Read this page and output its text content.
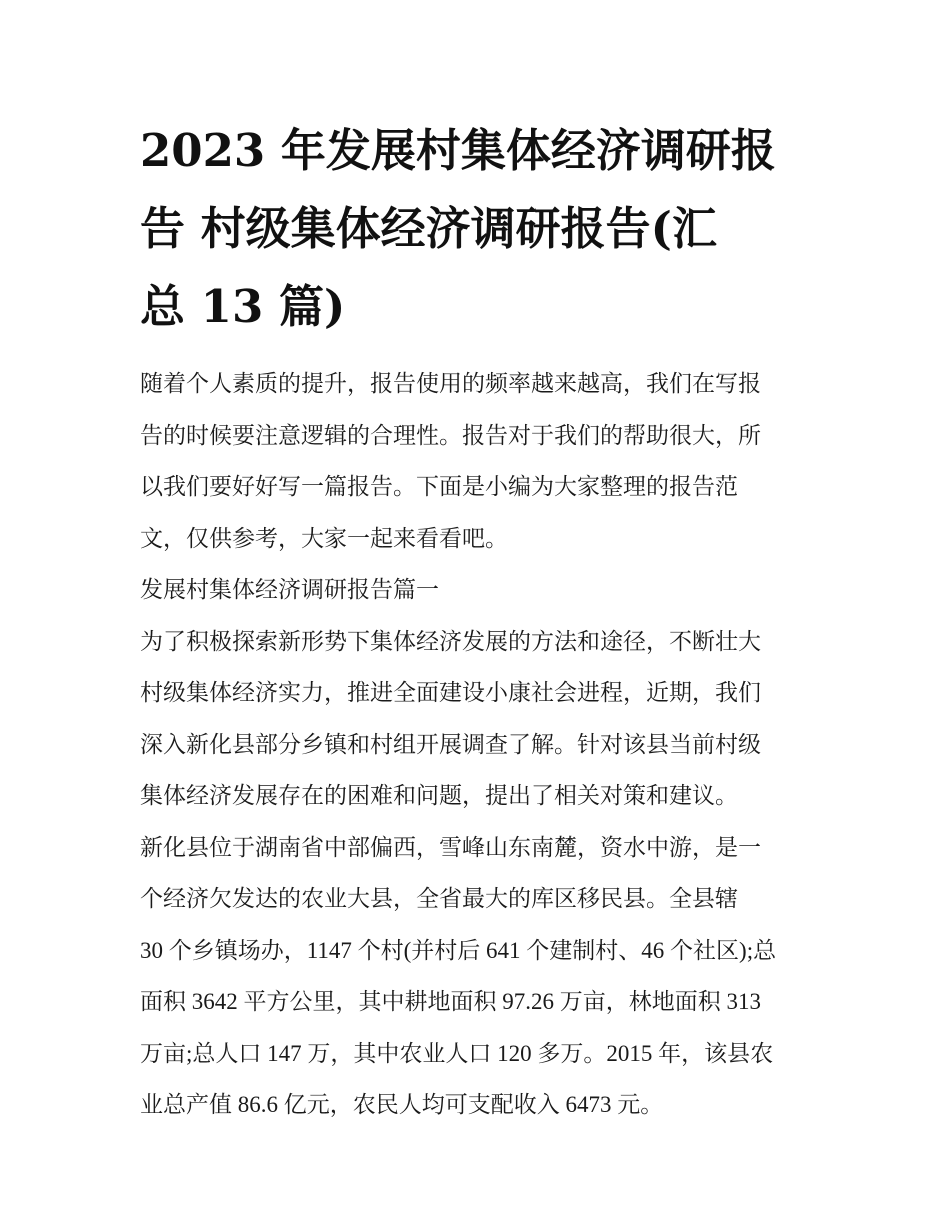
2023 年发展村集体经济调研报
告 村级集体经济调研报告(汇
总 13 篇)
随着个人素质的提升，报告使用的频率越来越高，我们在写报
告的时候要注意逻辑的合理性。报告对于我们的帮助很大，所
以我们要好好写一篇报告。下面是小编为大家整理的报告范
文，仅供参考，大家一起来看看吧。
发展村集体经济调研报告篇一
为了积极探索新形势下集体经济发展的方法和途径，不断壮大
村级集体经济实力，推进全面建设小康社会进程，近期，我们
深入新化县部分乡镇和村组开展调查了解。针对该县当前村级
集体经济发展存在的困难和问题，提出了相关对策和建议。
新化县位于湖南省中部偏西，雪峰山东南麓，资水中游，是一
个经济欠发达的农业大县，全省最大的库区移民县。全县辖
30 个乡镇场办，1147 个村(并村后 641 个建制村、46 个社区);总
面积 3642 平方公里，其中耕地面积 97.26 万亩，林地面积 313
万亩;总人口 147 万，其中农业人口 120 多万。2015 年，该县农
业总产值 86.6 亿元，农民人均可支配收入 6473 元。
